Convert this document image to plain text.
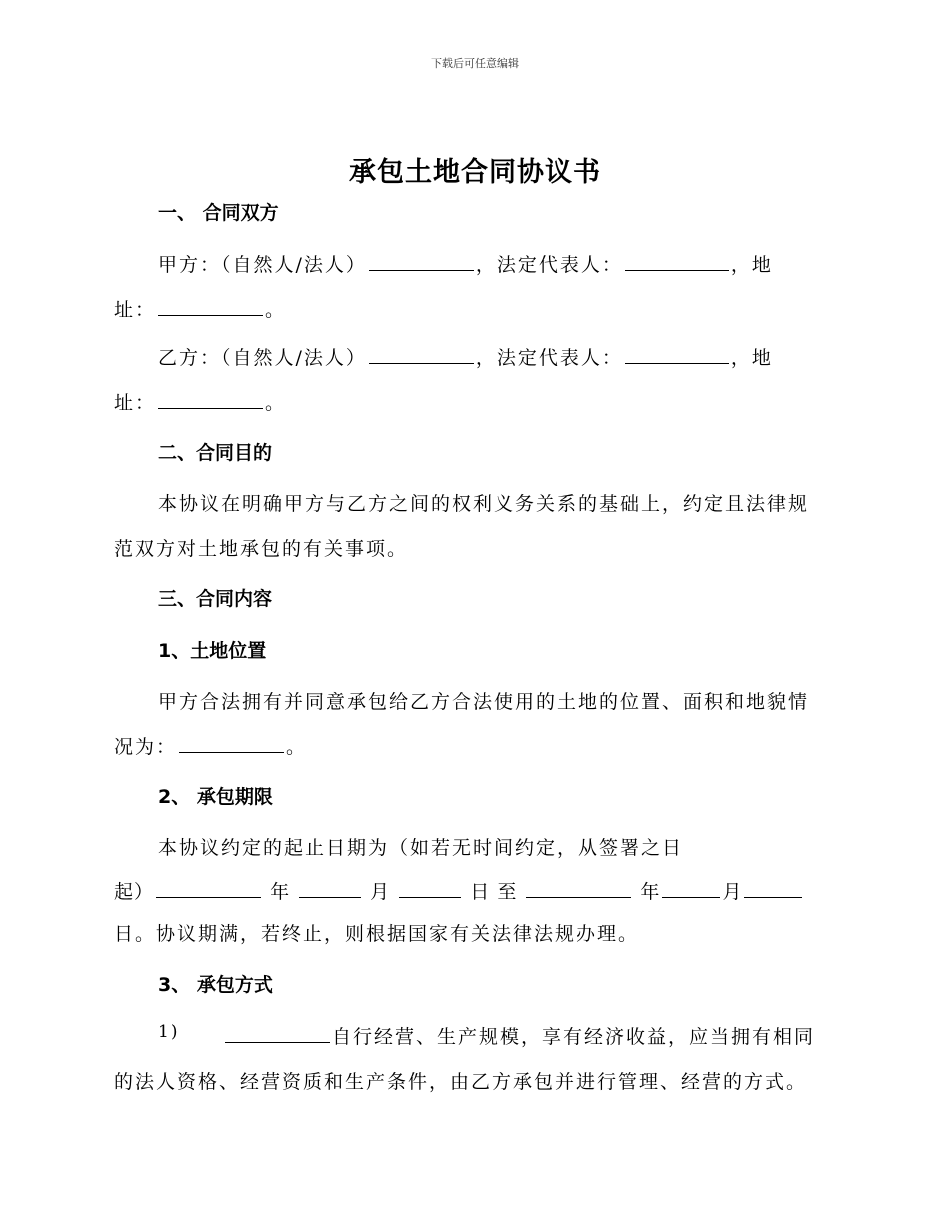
下载后可任意编辑
承包土地合同协议书
一、 合同双方
甲方：（自然人/法人）	，法定代表人：	，地
址：	。
乙方：（自然人/法人）	，法定代表人：	，地
址：	。
二、合同目的
本协议在明确甲方与乙方之间的权利义务关系的基础上，约定且法律规
范双方对土地承包的有关事项。
三、合同内容
1、土地位置
甲方合法拥有并同意承包给乙方合法使用的土地的位置、面积和地貌情
况为：	。
2、 承包期限
本协议约定的起止日期为（如若无时间约定，从签署之日
起）	年	月	日 至	年	月
日。协议期满，若终止，则根据国家有关法律法规办理。
3、 承包方式
1)	自行经营、生产规模，享有经济收益，应当拥有相同
的法人资格、经营资质和生产条件，由乙方承包并进行管理、经营的方式。
